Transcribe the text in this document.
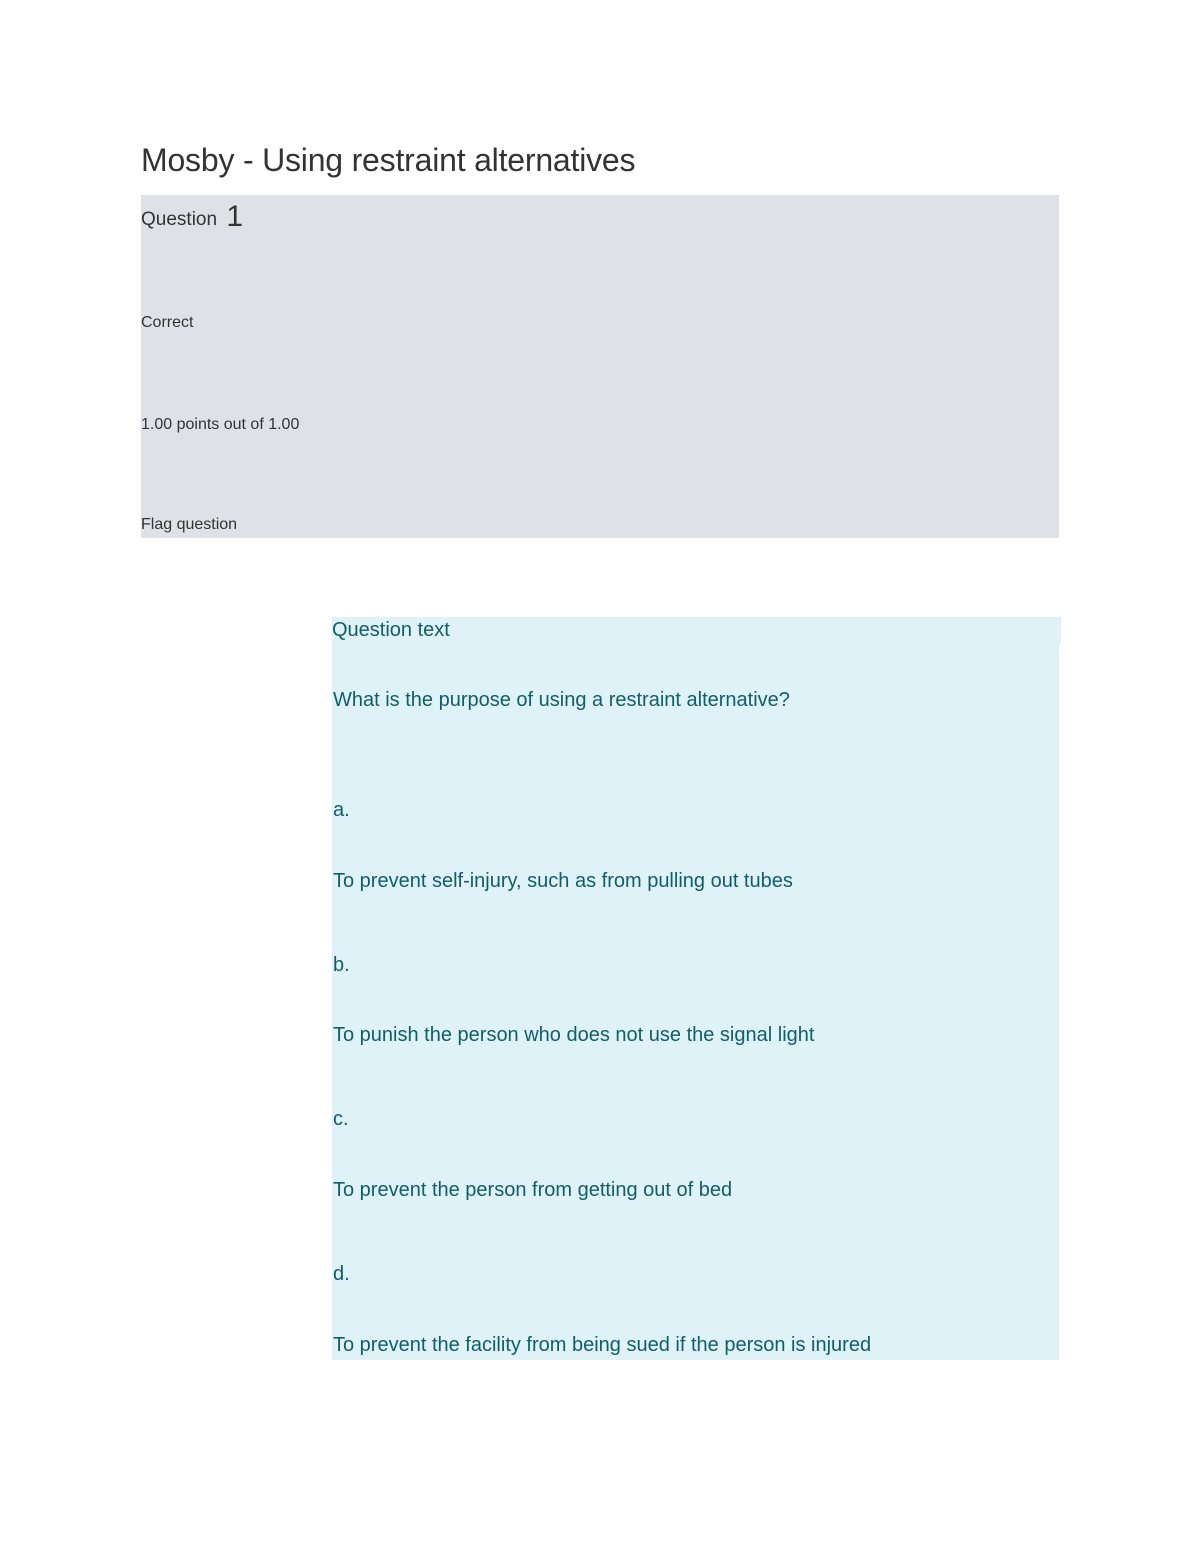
Mosby - Using restraint alternatives
Question 1
Correct
1.00 points out of 1.00
Flag question
Question text
What is the purpose of using a restraint alternative?
a.
To prevent self-injury, such as from pulling out tubes
b.
To punish the person who does not use the signal light
c.
To prevent the person from getting out of bed
d.
To prevent the facility from being sued if the person is injured
